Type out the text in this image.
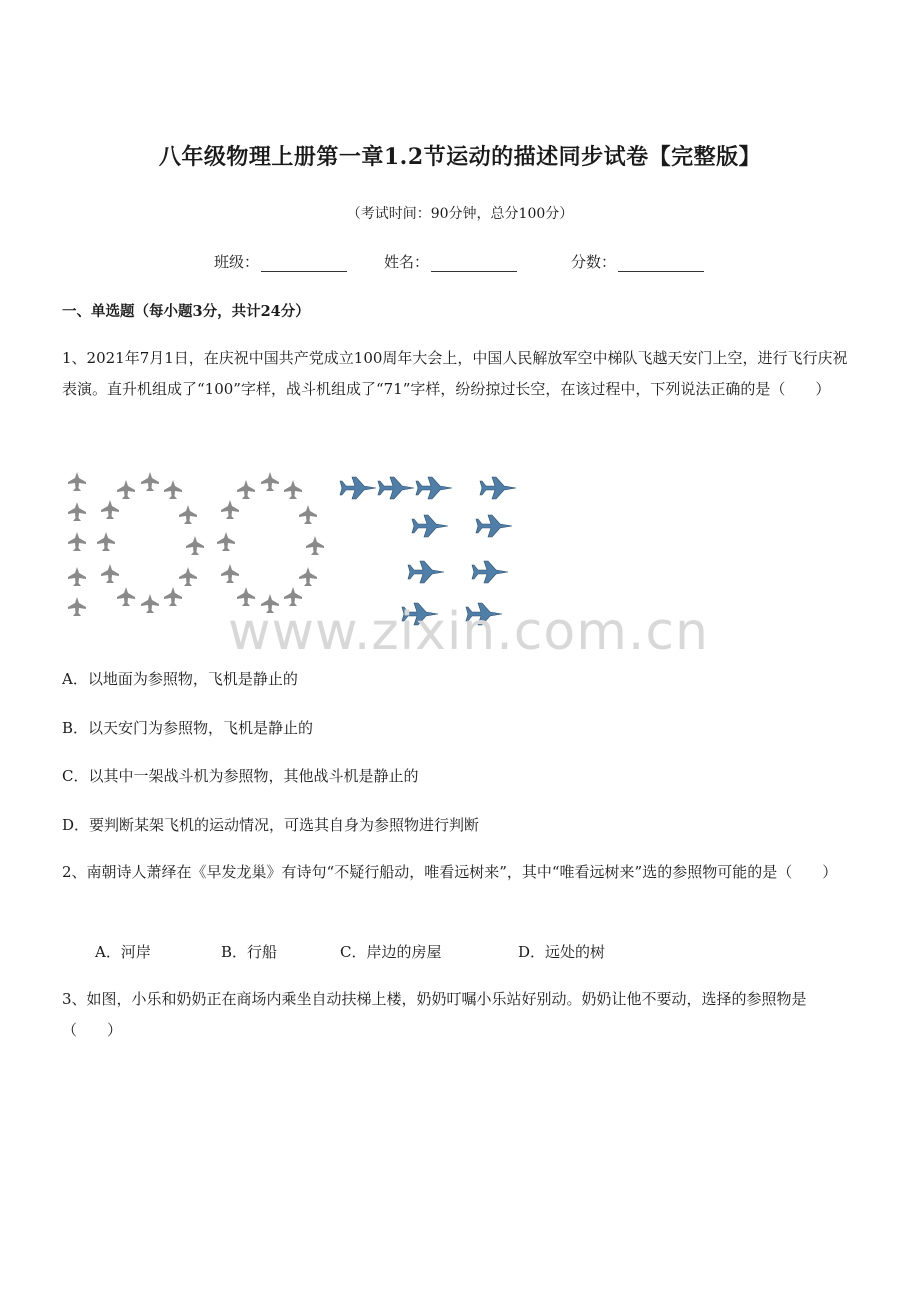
八年级物理上册第一章1.2节运动的描述同步试卷【完整版】
（考试时间：90分钟，总分100分）
班级：	姓名：	分数：
一、单选题（每小题3分，共计24分）
1、2021年7月1日，在庆祝中国共产党成立100周年大会上，中国人民解放军空中梯队飞越天安门上空，进行飞行庆祝表演。直升机组成了“100”字样，战斗机组成了“71”字样，纷纷掠过长空，在该过程中，下列说法正确的是（　　）
www.zixin.com.cn
A．以地面为参照物，飞机是静止的
B．以天安门为参照物，飞机是静止的
C．以其中一架战斗机为参照物，其他战斗机是静止的
D．要判断某架飞机的运动情况，可选其自身为参照物进行判断
2、南朝诗人萧绎在《早发龙巢》有诗句“不疑行船动，唯看远树来”，其中“唯看远树来”选的参照物可能的是（　　）
A．河岸	B．行船	C．岸边的房屋	D．远处的树
3、如图，小乐和奶奶正在商场内乘坐自动扶梯上楼，奶奶叮嘱小乐站好别动。奶奶让他不要动，选择的参照物是　（　　）
